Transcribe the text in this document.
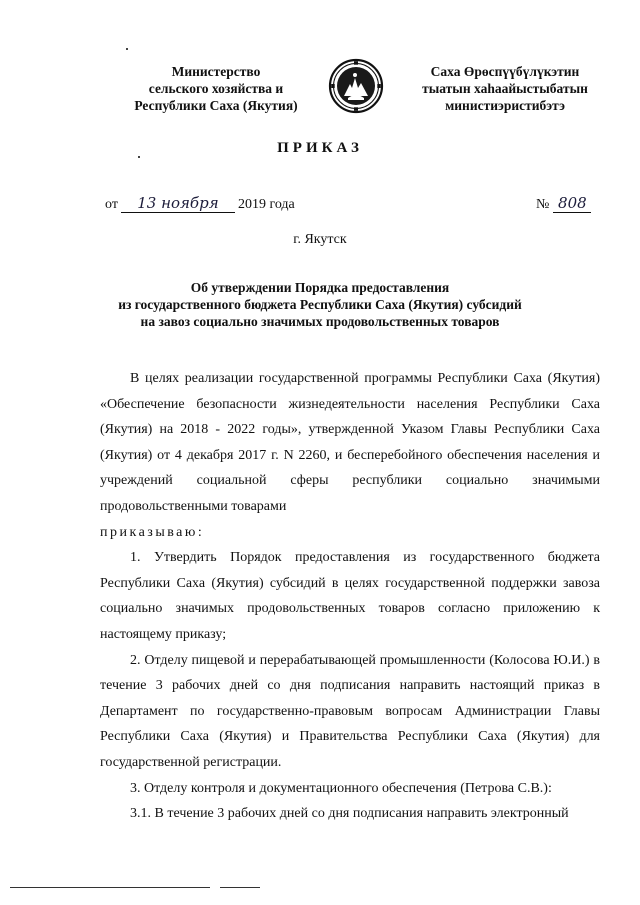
Министерство
сельского хозяйства и
Республики Саха (Якутия)
Саха Өрөспүүбүлүкэтин
тыатын хаһаайыстыбатын
министиэристибэтэ
ПРИКАЗ
от 13 ноября 2019 года	№ 808
г. Якутск
Об утверждении Порядка предоставления
из государственного бюджета Республики Саха (Якутия) субсидий
на завоз социально значимых продовольственных товаров

В целях реализации государственной программы Республики Саха (Якутия) «Обеспечение безопасности жизнедеятельности населения Республики Саха (Якутия) на 2018 - 2022 годы», утвержденной Указом Главы Республики Саха (Якутия) от 4 декабря 2017 г. N 2260, и бесперебойного обеспечения населения и учреждений социальной сферы республики социально значимыми продовольственными товарами

приказываю:

1. Утвердить Порядок предоставления из государственного бюджета Республики Саха (Якутия) субсидий в целях государственной поддержки завоза социально значимых продовольственных товаров согласно приложению к настоящему приказу;

2. Отделу пищевой и перерабатывающей промышленности (Колосова Ю.И.) в течение 3 рабочих дней со дня подписания направить настоящий приказ в Департамент по государственно-правовым вопросам Администрации Главы Республики Саха (Якутия) и Правительства Республики Саха (Якутия) для государственной регистрации.

3. Отделу контроля и документационного обеспечения (Петрова С.В.):

3.1. В течение 3 рабочих дней со дня подписания направить электронный
